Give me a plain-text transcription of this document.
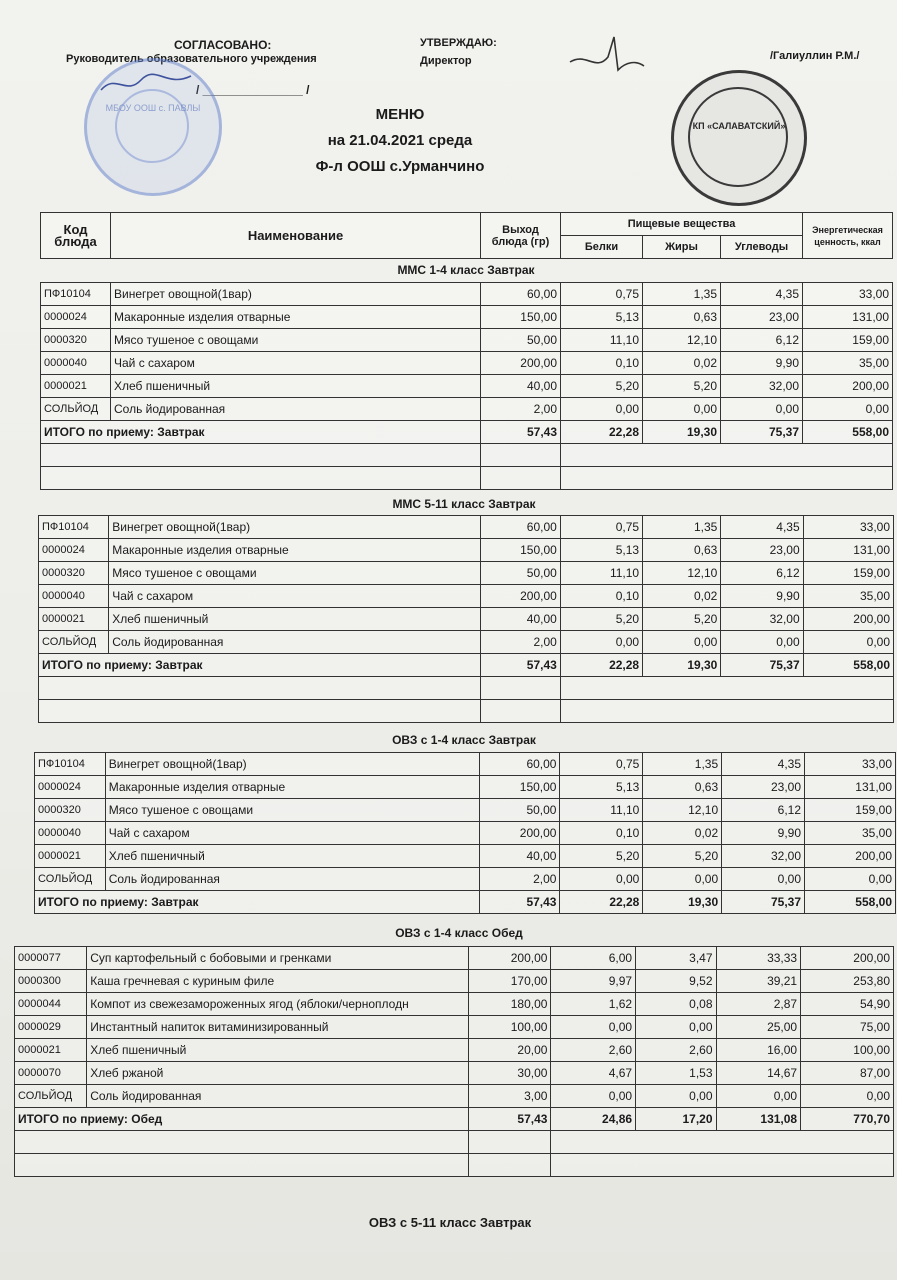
СОГЛАСОВАНО:
Руководитель образовательного учреждения
/ _______________ /
УТВЕРЖДАЮ:
Директор	/Галиуллин Р.М./
МБОУ ООШ с. ПАВЛЫ
КП «САЛАВАТСКИЙ»
МЕНЮ
на 21.04.2021 среда
Ф-л ООШ с.Урманчино
Код блюда	Наименование	Выход блюда (гр)	Пищевые вещества			Энергетическая ценность, ккал
			Белки	Жиры	Углеводы	
ММС 1-4 класс Завтрак
ПФ10104	Винегрет овощной(1вар)	60,00	0,75	1,35	4,35	33,00
0000024	Макаронные изделия отварные	150,00	5,13	0,63	23,00	131,00
0000320	Мясо тушеное с овощами	50,00	11,10	12,10	6,12	159,00
0000040	Чай с сахаром	200,00	0,10	0,02	9,90	35,00
0000021	Хлеб пшеничный	40,00	5,20	5,20	32,00	200,00
СОЛЬЙОД	Соль йодированная	2,00	0,00	0,00	0,00	0,00
ИТОГО по приему: Завтрак		57,43	22,28	19,30	75,37	558,00

ММС 5-11 класс Завтрак
ПФ10104	Винегрет овощной(1вар)	60,00	0,75	1,35	4,35	33,00
0000024	Макаронные изделия отварные	150,00	5,13	0,63	23,00	131,00
0000320	Мясо тушеное с овощами	50,00	11,10	12,10	6,12	159,00
0000040	Чай с сахаром	200,00	0,10	0,02	9,90	35,00
0000021	Хлеб пшеничный	40,00	5,20	5,20	32,00	200,00
СОЛЬЙОД	Соль йодированная	2,00	0,00	0,00	0,00	0,00
ИТОГО по приему: Завтрак		57,43	22,28	19,30	75,37	558,00

ОВЗ с 1-4 класс Завтрак
ПФ10104	Винегрет овощной(1вар)	60,00	0,75	1,35	4,35	33,00
0000024	Макаронные изделия отварные	150,00	5,13	0,63	23,00	131,00
0000320	Мясо тушеное с овощами	50,00	11,10	12,10	6,12	159,00
0000040	Чай с сахаром	200,00	0,10	0,02	9,90	35,00
0000021	Хлеб пшеничный	40,00	5,20	5,20	32,00	200,00
СОЛЬЙОД	Соль йодированная	2,00	0,00	0,00	0,00	0,00
ИТОГО по приему: Завтрак		57,43	22,28	19,30	75,37	558,00
ОВЗ с 1-4 класс Обед
0000077	Суп картофельный с бобовыми и гренками	200,00	6,00	3,47	33,33	200,00
0000300	Каша гречневая с куриным филе	170,00	9,97	9,52	39,21	253,80
0000044	Компот из свежезамороженных ягод (яблоки/черноплодн	180,00	1,62	0,08	2,87	54,90
0000029	Инстантный напиток витаминизированный	100,00	0,00	0,00	25,00	75,00
0000021	Хлеб пшеничный	20,00	2,60	2,60	16,00	100,00
0000070	Хлеб ржаной	30,00	4,67	1,53	14,67	87,00
СОЛЬЙОД	Соль йодированная	3,00	0,00	0,00	0,00	0,00
ИТОГО по приему: Обед		57,43	24,86	17,20	131,08	770,70

ОВЗ с 5-11 класс Завтрак
